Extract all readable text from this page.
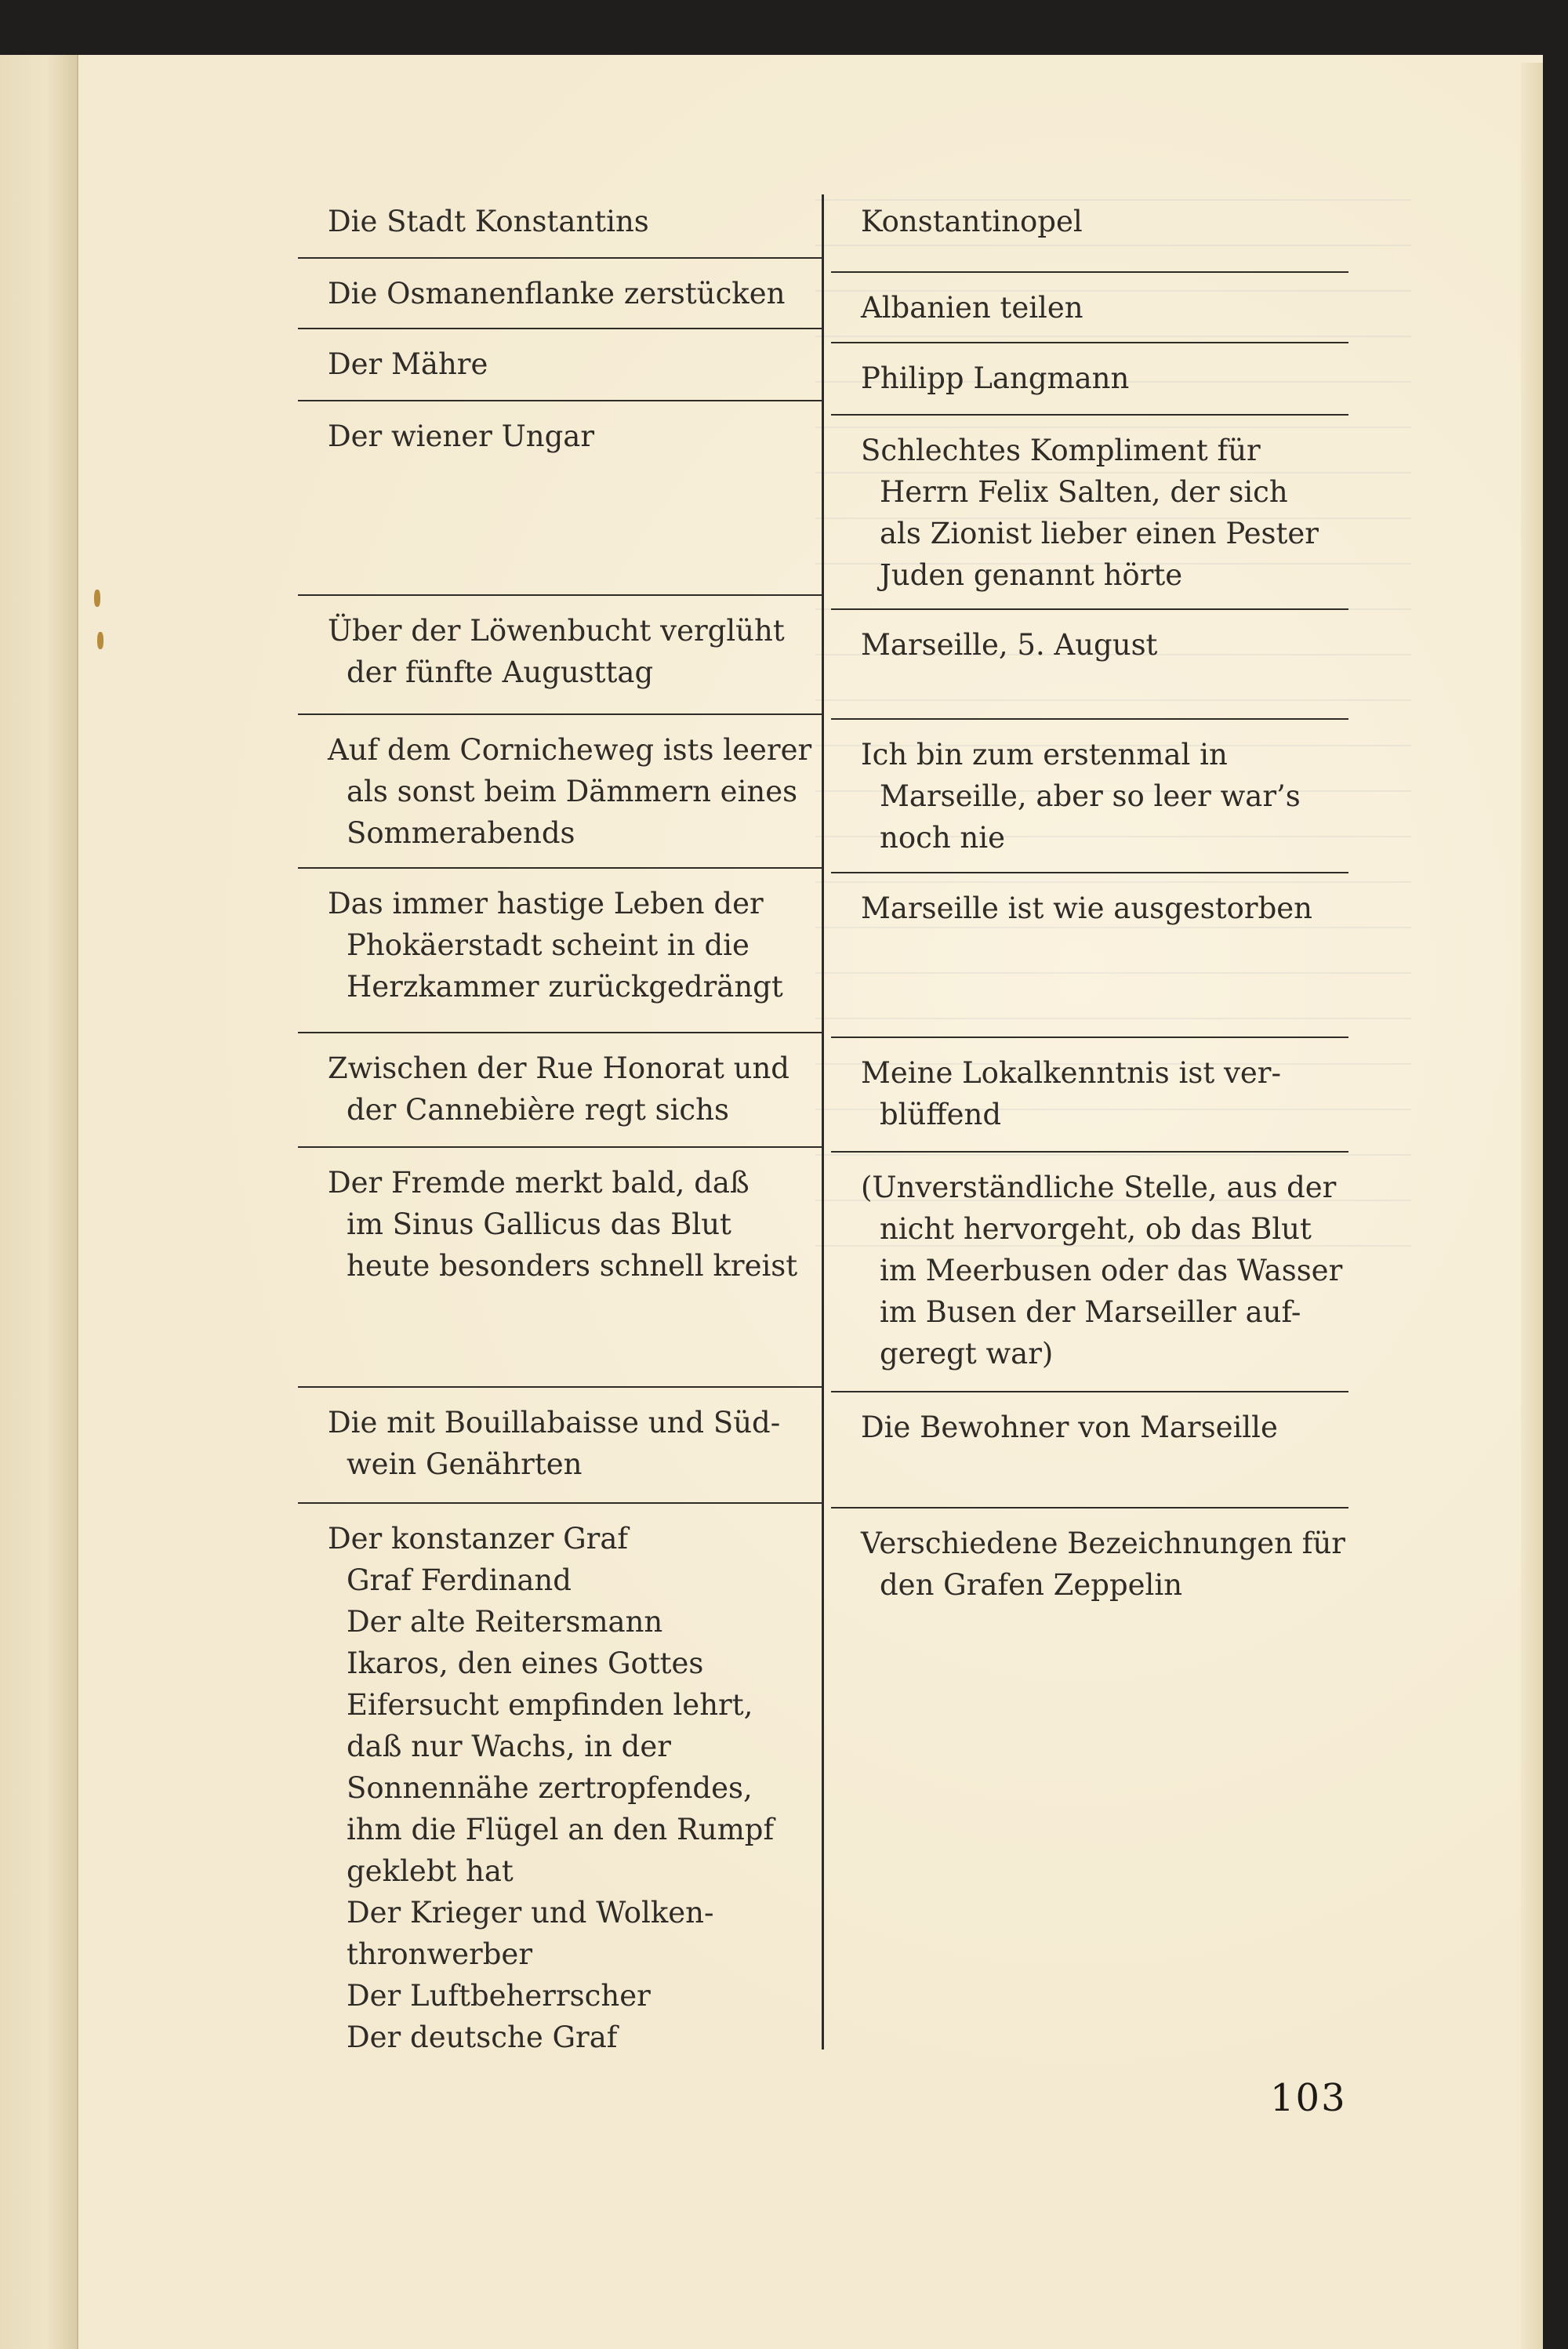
Die Stadt Konstantins
Die Osmanenflanke zerstücken
Der Mähre
Der wiener Ungar
Über der Löwenbucht verglüht
der fünfte Augusttag
Auf dem Cornicheweg ists leerer
als sonst beim Dämmern eines
Sommerabends
Das immer hastige Leben der
Phokäerstadt scheint in die
Herzkammer zurückgedrängt
Zwischen der Rue Honorat und
der Cannebière regt sichs
Der Fremde merkt bald, daß
im Sinus Gallicus das Blut
heute besonders schnell kreist
Die mit Bouillabaisse und Süd-
wein Genährten
Der konstanzer Graf
Graf Ferdinand
Der alte Reitersmann
Ikaros, den eines Gottes
Eifersucht empfinden lehrt,
daß nur Wachs, in der
Sonnennähe zertropfendes,
ihm die Flügel an den Rumpf
geklebt hat
Der Krieger und Wolken-
thronwerber
Der Luftbeherrscher
Der deutsche Graf
Konstantinopel
Albanien teilen
Philipp Langmann
Schlechtes Kompliment für
Herrn Felix Salten, der sich
als Zionist lieber einen Pester
Juden genannt hörte
Marseille, 5. August
Ich bin zum erstenmal in
Marseille, aber so leer war’s
noch nie
Marseille ist wie ausgestorben
Meine Lokalkenntnis ist ver-
blüffend
(Unverständliche Stelle, aus der
nicht hervorgeht, ob das Blut
im Meerbusen oder das Wasser
im Busen der Marseiller auf-
geregt war)
Die Bewohner von Marseille
Verschiedene Bezeichnungen für
den Grafen Zeppelin
103
